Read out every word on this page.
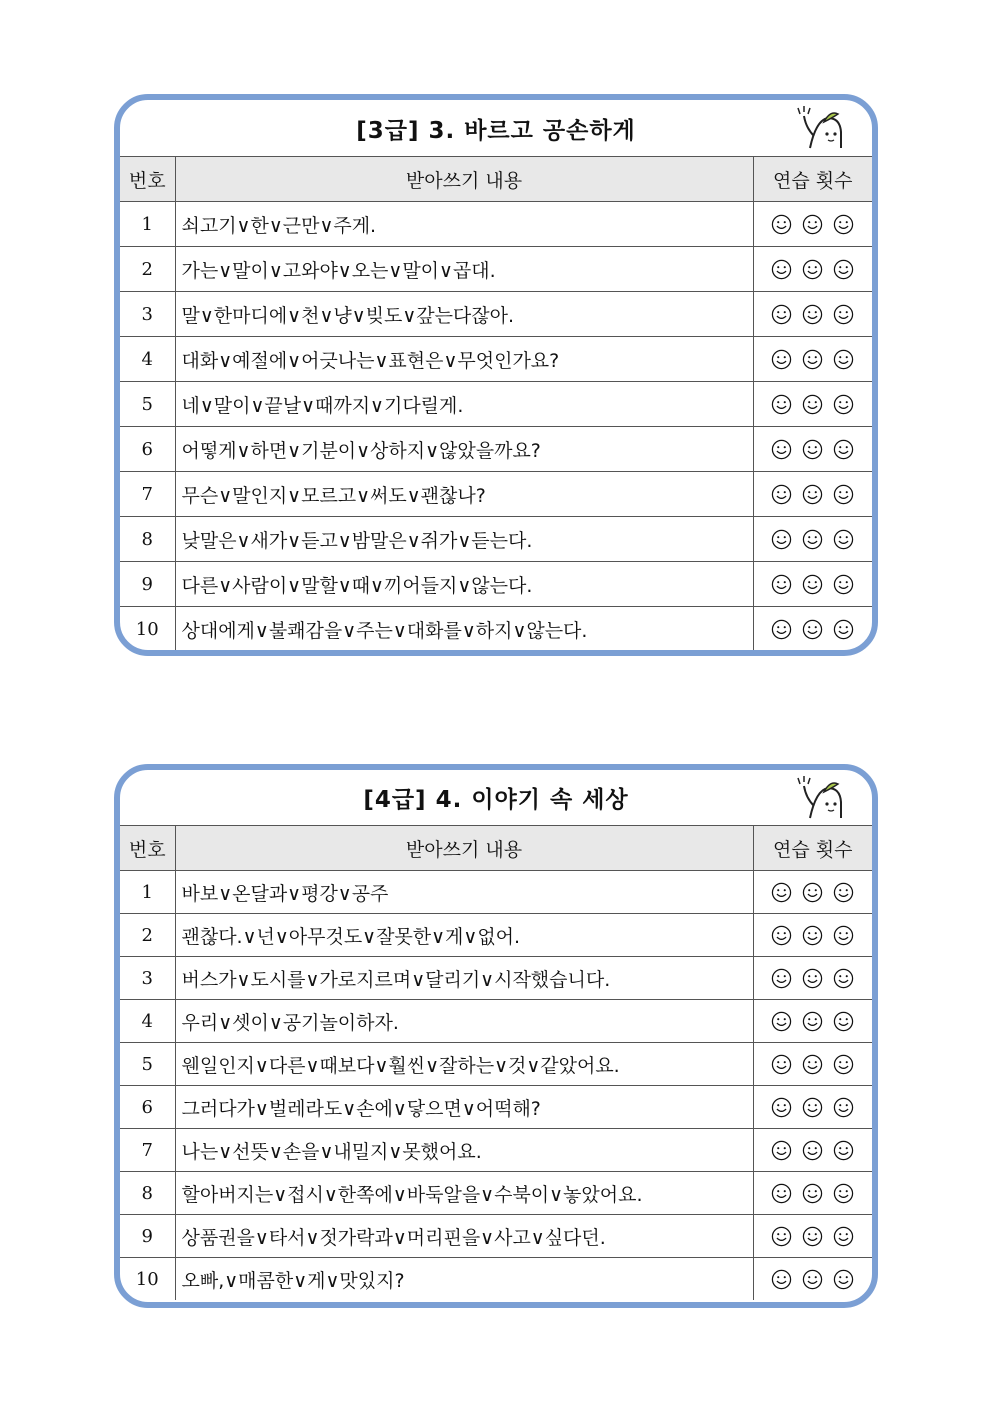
[3급] 3. 바르고 공손하게
번호	받아쓰기 내용	연습 횟수
1	쇠고기∨한∨근만∨주게.	
2	가는∨말이∨고와야∨오는∨말이∨곱대.	
3	말∨한마디에∨천∨냥∨빚도∨갚는다잖아.	
4	대화∨예절에∨어긋나는∨표현은∨무엇인가요?	
5	네∨말이∨끝날∨때까지∨기다릴게.	
6	어떻게∨하면∨기분이∨상하지∨않았을까요?	
7	무슨∨말인지∨모르고∨써도∨괜찮나?	
8	낮말은∨새가∨듣고∨밤말은∨쥐가∨듣는다.	
9	다른∨사람이∨말할∨때∨끼어들지∨않는다.	
10	상대에게∨불쾌감을∨주는∨대화를∨하지∨않는다.	
[4급] 4. 이야기 속 세상
번호	받아쓰기 내용	연습 횟수
1	바보∨온달과∨평강∨공주	
2	괜찮다.∨넌∨아무것도∨잘못한∨게∨없어.	
3	버스가∨도시를∨가로지르며∨달리기∨시작했습니다.	
4	우리∨셋이∨공기놀이하자.	
5	웬일인지∨다른∨때보다∨훨씬∨잘하는∨것∨같았어요.	
6	그러다가∨벌레라도∨손에∨닿으면∨어떡해?	
7	나는∨선뜻∨손을∨내밀지∨못했어요.	
8	할아버지는∨접시∨한쪽에∨바둑알을∨수북이∨놓았어요.	
9	상품권을∨타서∨젓가락과∨머리핀을∨사고∨싶다던.	
10	오빠,∨매콤한∨게∨맛있지?	
